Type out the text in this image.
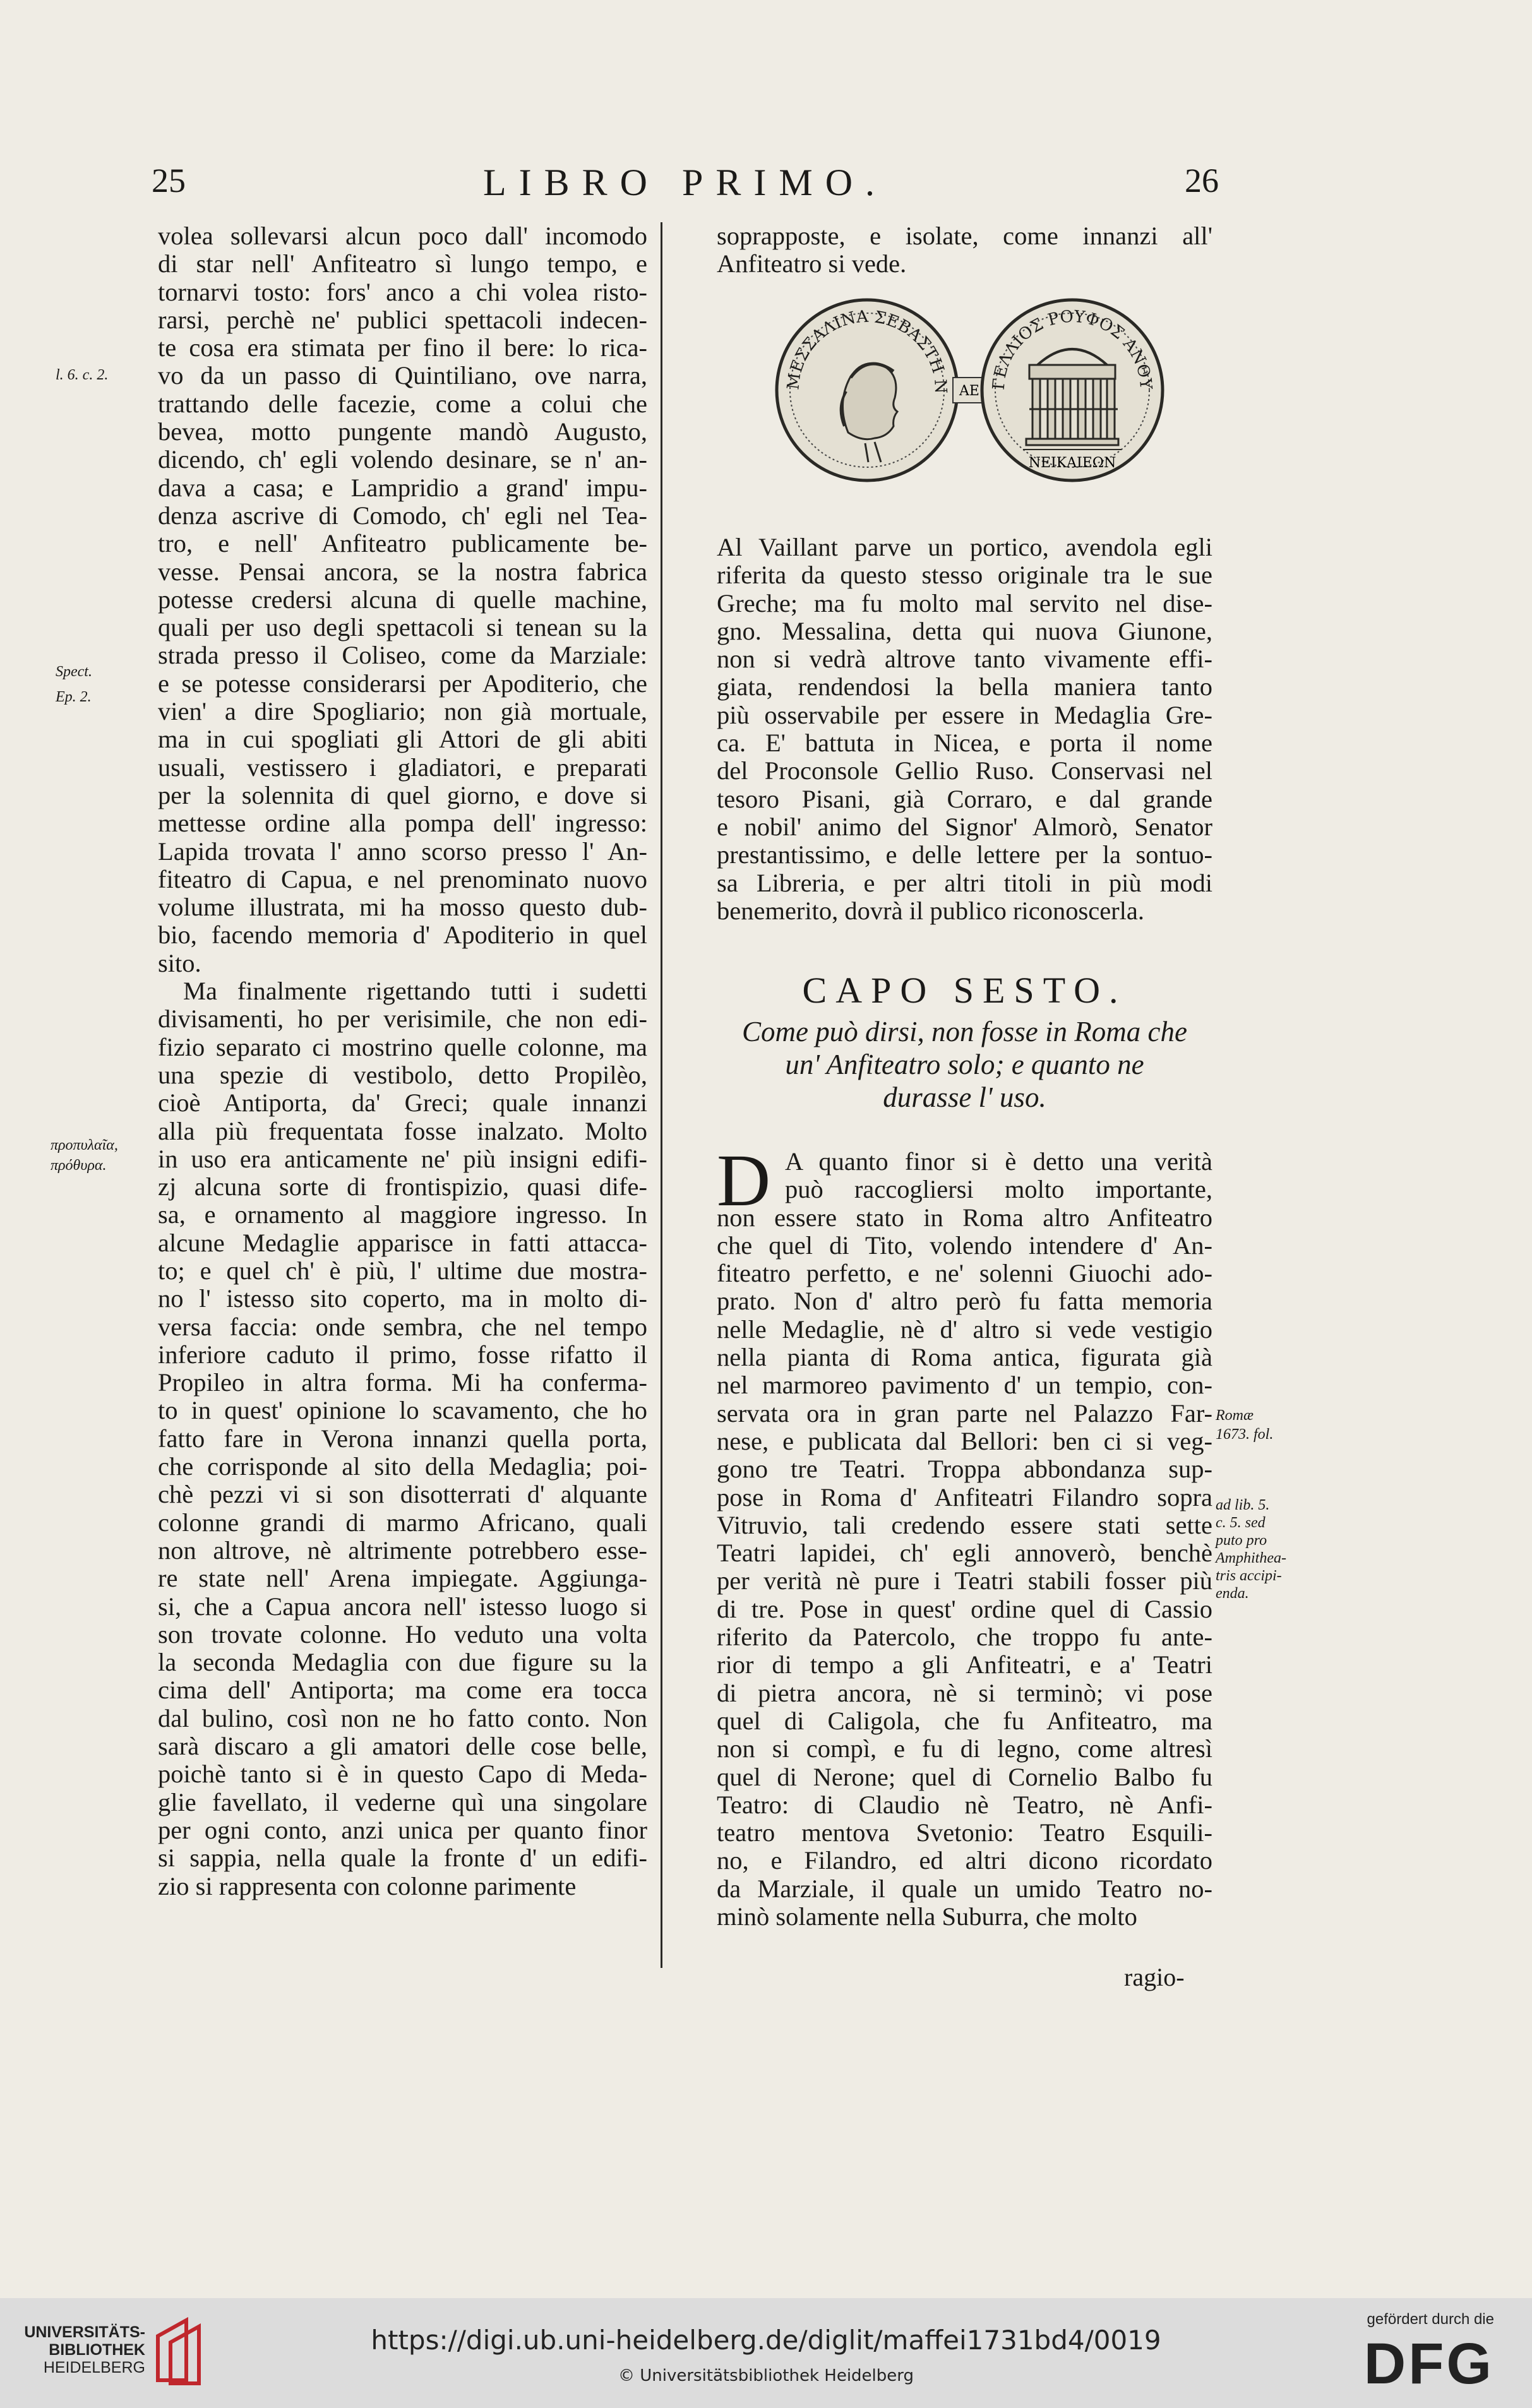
25	LIBRO PRIMO.	26
volea sollevarsi alcun poco dall' incomodo
di star nell' Anfiteatro sì lungo tempo, e
tornarvi tosto: fors' anco a chi volea risto-
rarsi, perchè ne' publici spettacoli indecen-
te cosa era stimata per fino il bere: lo rica-
vo da un passo di Quintiliano, ove narra,
trattando delle facezie, come a colui che
bevea, motto pungente mandò Augusto,
dicendo, ch' egli volendo desinare, se n' an-
dava a casa; e Lampridio a grand' impu-
denza ascrive di Comodo, ch' egli nel Tea-
tro, e nell' Anfiteatro publicamente be-
vesse. Pensai ancora, se la nostra fabrica
potesse credersi alcuna di quelle machine,
quali per uso degli spettacoli si tenean su la
strada presso il Coliseo, come da Marziale:
e se potesse considerarsi per Apoditerio, che
vien' a dire Spogliario; non già mortuale,
ma in cui spogliati gli Attori de gli abiti
usuali, vestissero i gladiatori, e preparati
per la solennita di quel giorno, e dove si
mettesse ordine alla pompa dell' ingresso:
Lapida trovata l' anno scorso presso l' An-
fiteatro di Capua, e nel prenominato nuovo
volume illustrata, mi ha mosso questo dub-
bio, facendo memoria d' Apoditerio in quel
sito.
Ma finalmente rigettando tutti i sudetti
divisamenti, ho per verisimile, che non edi-
fizio separato ci mostrino quelle colonne, ma
una spezie di vestibolo, detto Propilèo,
cioè Antiporta, da' Greci; quale innanzi
alla più frequentata fosse inalzato. Molto
in uso era anticamente ne' più insigni edifi-
zj alcuna sorte di frontispizio, quasi dife-
sa, e ornamento al maggiore ingresso. In
alcune Medaglie apparisce in fatti attacca-
to; e quel ch' è più, l' ultime due mostra-
no l' istesso sito coperto, ma in molto di-
versa faccia: onde sembra, che nel tempo
inferiore caduto il primo, fosse rifatto il
Propileo in altra forma. Mi ha conferma-
to in quest' opinione lo scavamento, che ho
fatto fare in Verona innanzi quella porta,
che corrisponde al sito della Medaglia; poi-
chè pezzi vi si son disotterrati d' alquante
colonne grandi di marmo Africano, quali
non altrove, nè altrimente potrebbero esse-
re state nell' Arena impiegate. Aggiunga-
si, che a Capua ancora nell' istesso luogo si
son trovate colonne. Ho veduto una volta
la seconda Medaglia con due figure su la
cima dell' Antiporta; ma come era tocca
dal bulino, così non ne ho fatto conto. Non
sarà discaro a gli amatori delle cose belle,
poichè tanto si è in questo Capo di Meda-
glie favellato, il vederne quì una singolare
per ogni conto, anzi unica per quanto finor
si sappia, nella quale la fronte d' un edifi-
zio si rappresenta con colonne parimente
soprapposte, e isolate, come innanzi all'
Anfiteatro si vede.
ΜΕΣΣΑΛΙΝΑ ΣΕΒΑΣΤΗ Ν AE ΓΕΛΛΙΟΣ ΡΟΥΦΟΣ ΑΝΘΥ
ΝΕΙΚΑΙΕΩΝ
Al Vaillant parve un portico, avendola egli
riferita da questo stesso originale tra le sue
Greche; ma fu molto mal servito nel dise-
gno. Messalina, detta qui nuova Giunone,
non si vedrà altrove tanto vivamente effi-
giata, rendendosi la bella maniera tanto
più osservabile per essere in Medaglia Gre-
ca. E' battuta in Nicea, e porta il nome
del Proconsole Gellio Ruso. Conservasi nel
tesoro Pisani, già Corraro, e dal grande
e nobil' animo del Signor' Almorò, Senator
prestantissimo, e delle lettere per la sontuo-
sa Libreria, e per altri titoli in più modi
benemerito, dovrà il publico riconoscerla.
CAPO SESTO.
Come può dirsi, non fosse in Roma che
un' Anfiteatro solo; e quanto ne
durasse l' uso.
D A quanto finor si è detto una verità
può raccogliersi molto importante,
non essere stato in Roma altro Anfiteatro
che quel di Tito, volendo intendere d' An-
fiteatro perfetto, e ne' solenni Giuochi ado-
prato. Non d' altro però fu fatta memoria
nelle Medaglie, nè d' altro si vede vestigio
nella pianta di Roma antica, figurata già
nel marmoreo pavimento d' un tempio, con-
servata ora in gran parte nel Palazzo Far-
nese, e publicata dal Bellori: ben ci si veg-
gono tre Teatri. Troppa abbondanza sup-
pose in Roma d' Anfiteatri Filandro sopra
Vitruvio, tali credendo essere stati sette
Teatri lapidei, ch' egli annoverò, benchè
per verità nè pure i Teatri stabili fosser più
di tre. Pose in quest' ordine quel di Cassio
riferito da Patercolo, che troppo fu ante-
rior di tempo a gli Anfiteatri, e a' Teatri
di pietra ancora, nè si terminò; vi pose
quel di Caligola, che fu Anfiteatro, ma
non si compì, e fu di legno, come altresì
quel di Nerone; quel di Cornelio Balbo fu
Teatro: di Claudio nè Teatro, nè Anfi-
teatro mentova Svetonio: Teatro Esquili-
no, e Filandro, ed altri dicono ricordato
da Marziale, il quale un umido Teatro no-
minò solamente nella Suburra, che molto
l. 6. c. 2.
Spect.
Ep. 2.
προπυλαῖα,
πρόθυρα.
Romæ
1673. fol.
ad lib. 5.
c. 5. sed
puto pro
Amphithea-
tris accipi-
enda.
ragio-
UNIVERSITÄTS-
BIBLIOTHEK
HEIDELBERG
https://digi.ub.uni-heidelberg.de/diglit/maffei1731bd4/0019
© Universitätsbibliothek Heidelberg
gefördert durch die
DFG
